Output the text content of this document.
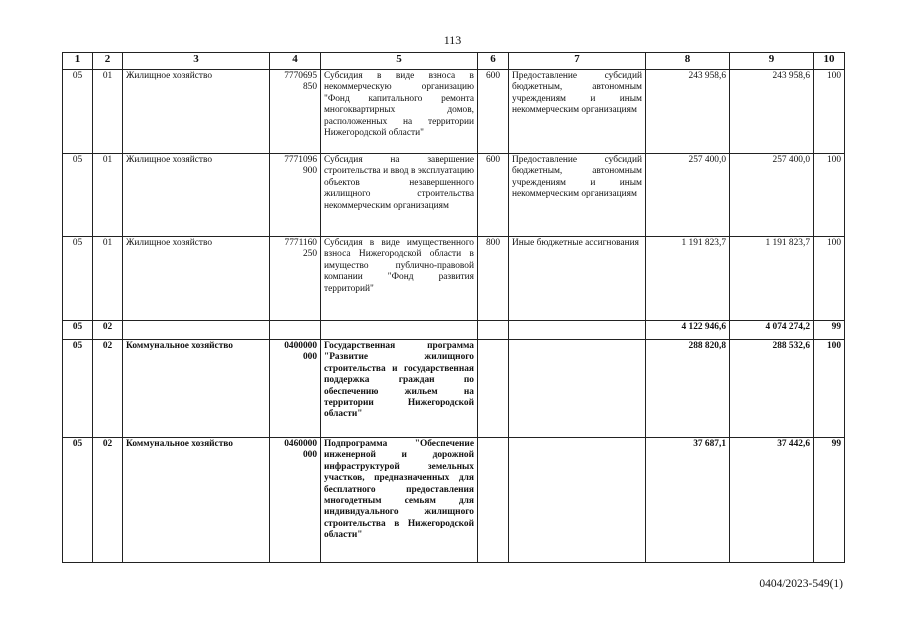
113
1	2	3	4	5	6	7	8	9	10
05	01	Жилищное хозяйство	7770695 850	Субсидия в виде взноса в некоммерческую организацию "Фонд капитального ремонта многоквартирных домов, расположенных на территории Нижегородской области"	600	Предоставление субсидий бюджетным, автономным учреждениям и иным некоммерческим организациям	243 958,6	243 958,6	100
05	01	Жилищное хозяйство	7771096 900	Субсидия на завершение строительства и ввод в эксплуатацию объектов незавершенного жилищного строительства некоммерческим организациям	600	Предоставление субсидий бюджетным, автономным учреждениям и иным некоммерческим организациям	257 400,0	257 400,0	100
05	01	Жилищное хозяйство	7771160 250	Субсидия в виде имущественного взноса Нижегородской области в имущество публично-правовой компании "Фонд развития территорий"	800	Иные бюджетные ассигнования	1 191 823,7	1 191 823,7	100
05	02						4 122 946,6	4 074 274,2	99
05	02	Коммунальное хозяйство	0400000 000	Государственная программа "Развитие жилищного строительства и государственная поддержка граждан по обеспечению жильем на территории Нижегородской области"			288 820,8	288 532,6	100
05	02	Коммунальное хозяйство	0460000 000	Подпрограмма "Обеспечение инженерной и дорожной инфраструктурой земельных участков, предназначенных для бесплатного предоставления многодетным семьям для индивидуального жилищного строительства в Нижегородской области"			37 687,1	37 442,6	99
0404/2023-549(1)
